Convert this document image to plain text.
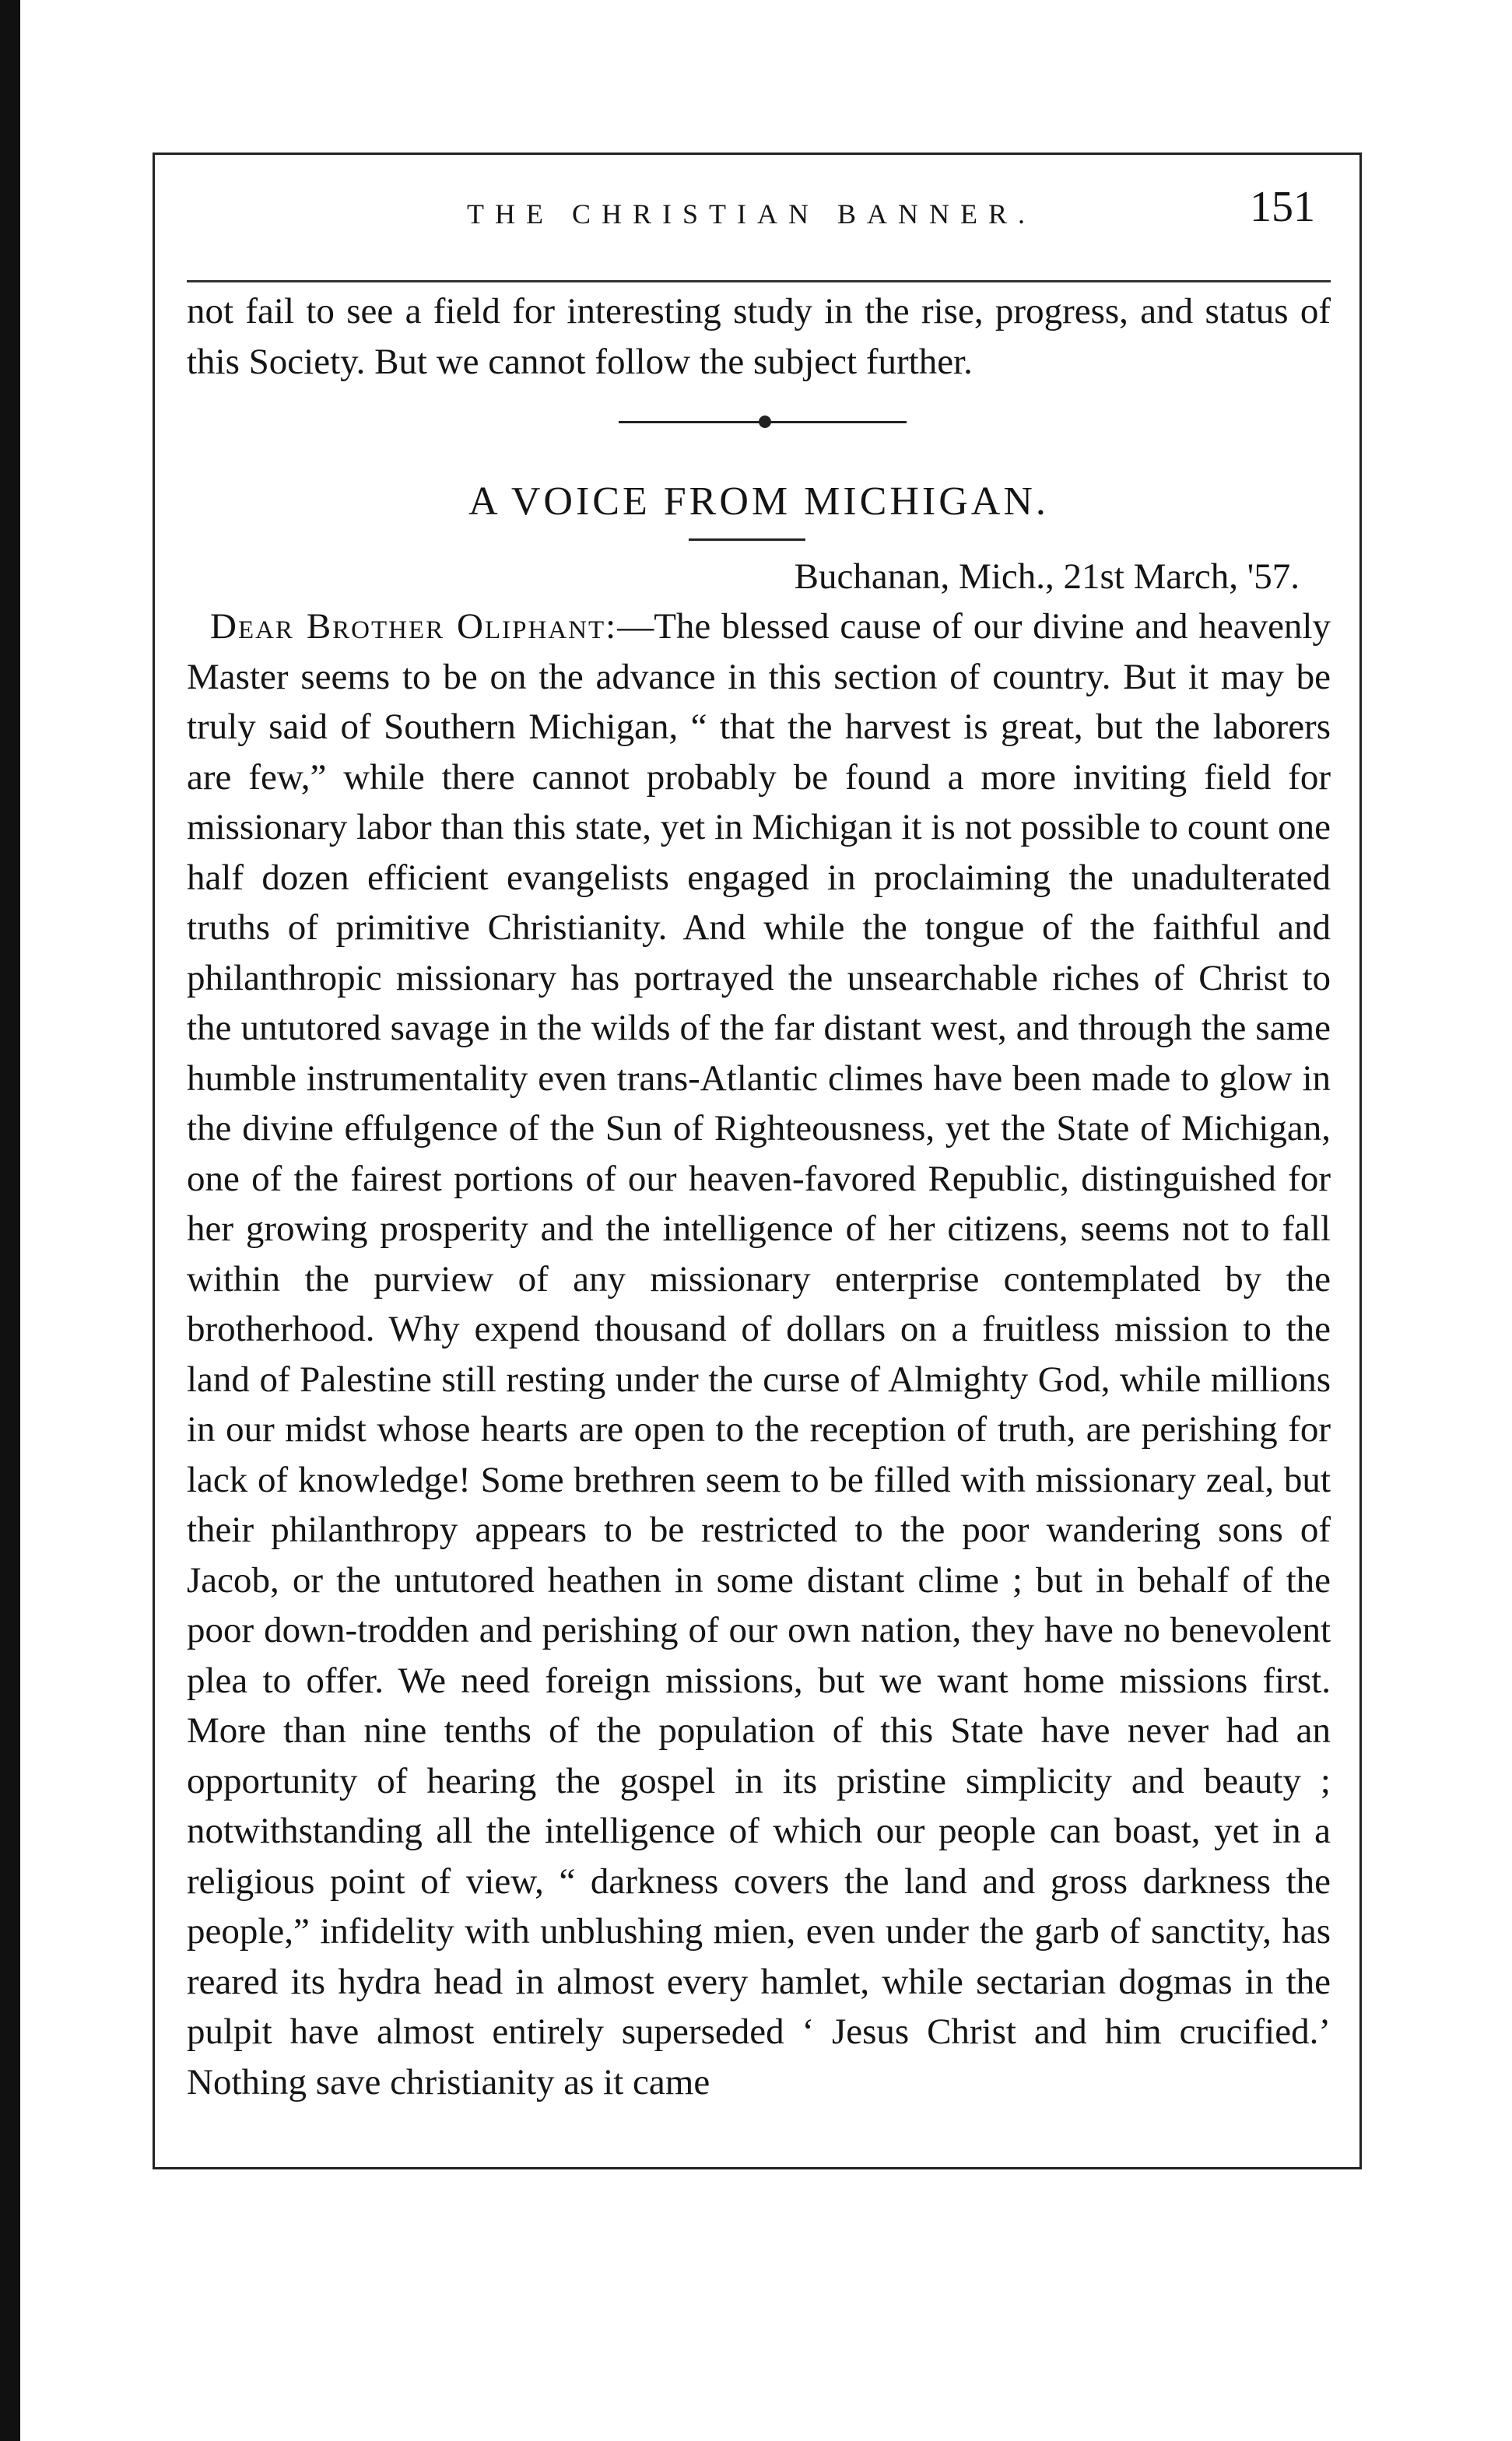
THE CHRISTIAN BANNER.	151

not fail to see a field for interesting study in the rise, progress, and status of this Society. But we cannot follow the subject further.

A VOICE FROM MICHIGAN.

Buchanan, Mich., 21st March, '57.

Dear Brother Oliphant:—The blessed cause of our divine and heavenly Master seems to be on the advance in this section of country. But it may be truly said of Southern Michigan, “ that the harvest is great, but the laborers are few,” while there cannot probably be found a more inviting field for missionary labor than this state, yet in Michigan it is not possible to count one half dozen efficient evangelists engaged in proclaiming the unadulterated truths of primitive Christianity. And while the tongue of the faithful and philanthropic missionary has portrayed the unsearchable riches of Christ to the untutored savage in the wilds of the far distant west, and through the same humble instrumentality even trans-Atlantic climes have been made to glow in the divine effulgence of the Sun of Righteousness, yet the State of Michigan, one of the fairest portions of our heaven-favored Republic, distinguished for her growing prosperity and the intelligence of her citizens, seems not to fall within the purview of any missionary enterprise contemplated by the brotherhood. Why expend thousand of dollars on a fruitless mission to the land of Palestine still resting under the curse of Almighty God, while millions in our midst whose hearts are open to the reception of truth, are perishing for lack of knowledge! Some brethren seem to be filled with missionary zeal, but their philanthropy appears to be restricted to the poor wandering sons of Jacob, or the untutored heathen in some distant clime ; but in behalf of the poor down-trodden and perishing of our own nation, they have no benevolent plea to offer. We need foreign missions, but we want home missions first. More than nine tenths of the population of this State have never had an opportunity of hearing the gospel in its pristine simplicity and beauty ; notwithstanding all the intelligence of which our people can boast, yet in a religious point of view, “ darkness covers the land and gross darkness the people,” infidelity with unblushing mien, even under the garb of sanctity, has reared its hydra head in almost every hamlet, while sectarian dogmas in the pulpit have almost entirely superseded ‘ Jesus Christ and him crucified.’ Nothing save christianity as it came
